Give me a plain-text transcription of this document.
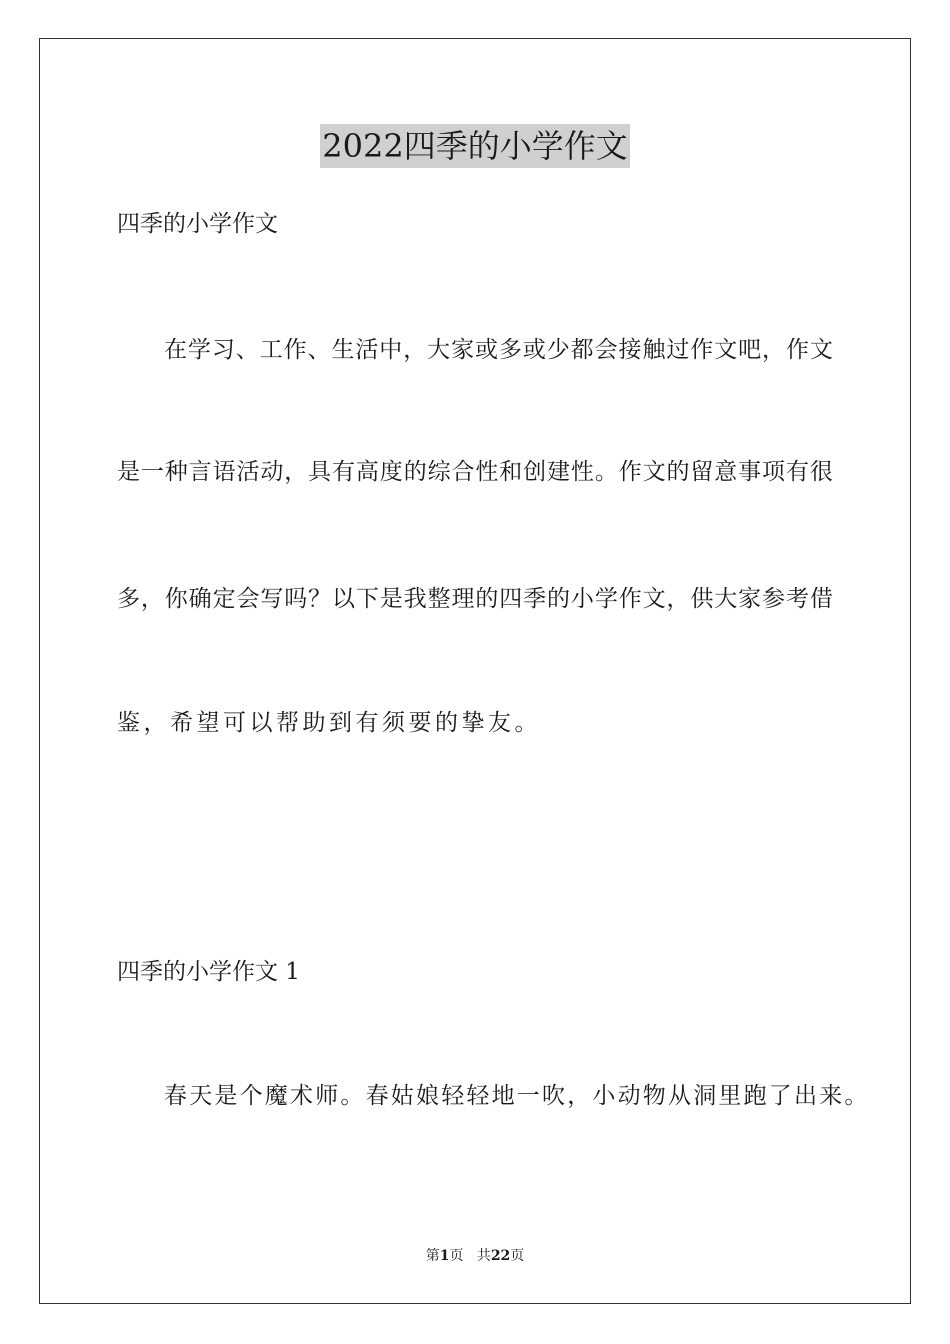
2022四季的小学作文
四季的小学作文
在 学 习 、 工 作 、 生 活 中 ， 大 家 或 多 或 少 都 会 接 触 过 作 文 吧 ， 作 文
是 一 种 言 语 活 动 ， 具 有 高 度 的 综 合 性 和 创 建 性 。 作 文 的 留 意 事 项 有 很
多 ， 你 确 定 会 写 吗 ？ 以 下 是 我 整 理 的 四 季 的 小 学 作 文 ， 供 大 家 参 考 借
鉴，希望可以帮助到有须要的挚友。
四季的小学作文 1
春天是个魔术师。春姑娘轻轻地一吹，小动物从洞里跑了出来。
第1页 共22页
